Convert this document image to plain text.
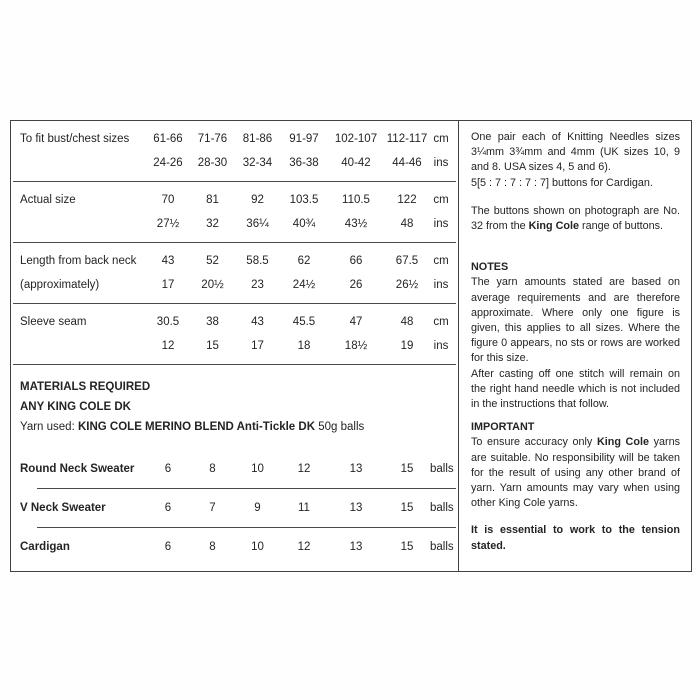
To fit bust/chest sizes	61-66	71-76	81-86	91-97	102-107 112-117 cm
24-26	28-30	32-34	36-38	40-42	44-46	ins
Actual size	70	81	92	103.5	110.5	122	cm
27½	32	36¼	40¾	43½	48	ins
Length from back neck	43	52	58.5	62	66	67.5	cm
(approximately)	17	20½	23	24½	26	26½	ins
Sleeve seam	30.5	38	43	45.5	47	48	cm
12	15	17	18	18½	19	ins
MATERIALS REQUIRED
ANY KING COLE DK
Yarn used: KING COLE MERINO BLEND Anti-Tickle DK 50g balls
Round Neck Sweater	6	8	10	12	13	15	balls
V Neck Sweater	6	7	9	11	13	15	balls
Cardigan	6	8	10	12	13	15	balls
One pair each of Knitting Needles sizes 3¼mm 3¾mm and 4mm (UK sizes 10, 9 and 8. USA sizes 4, 5 and 6).
5[5 : 7 : 7 : 7 : 7] buttons for Cardigan.
The buttons shown on photograph are No. 32 from the King Cole range of buttons.
NOTES
The yarn amounts stated are based on average requirements and are therefore approximate. Where only one figure is given, this applies to all sizes. Where the figure 0 appears, no sts or rows are worked for this size.
After casting off one stitch will remain on the right hand needle which is not included in the instructions that follow.
IMPORTANT
To ensure accuracy only King Cole yarns are suitable. No responsibility will be taken for the result of using any other brand of yarn. Yarn amounts may vary when using other King Cole yarns.
It is essential to work to the tension stated.
